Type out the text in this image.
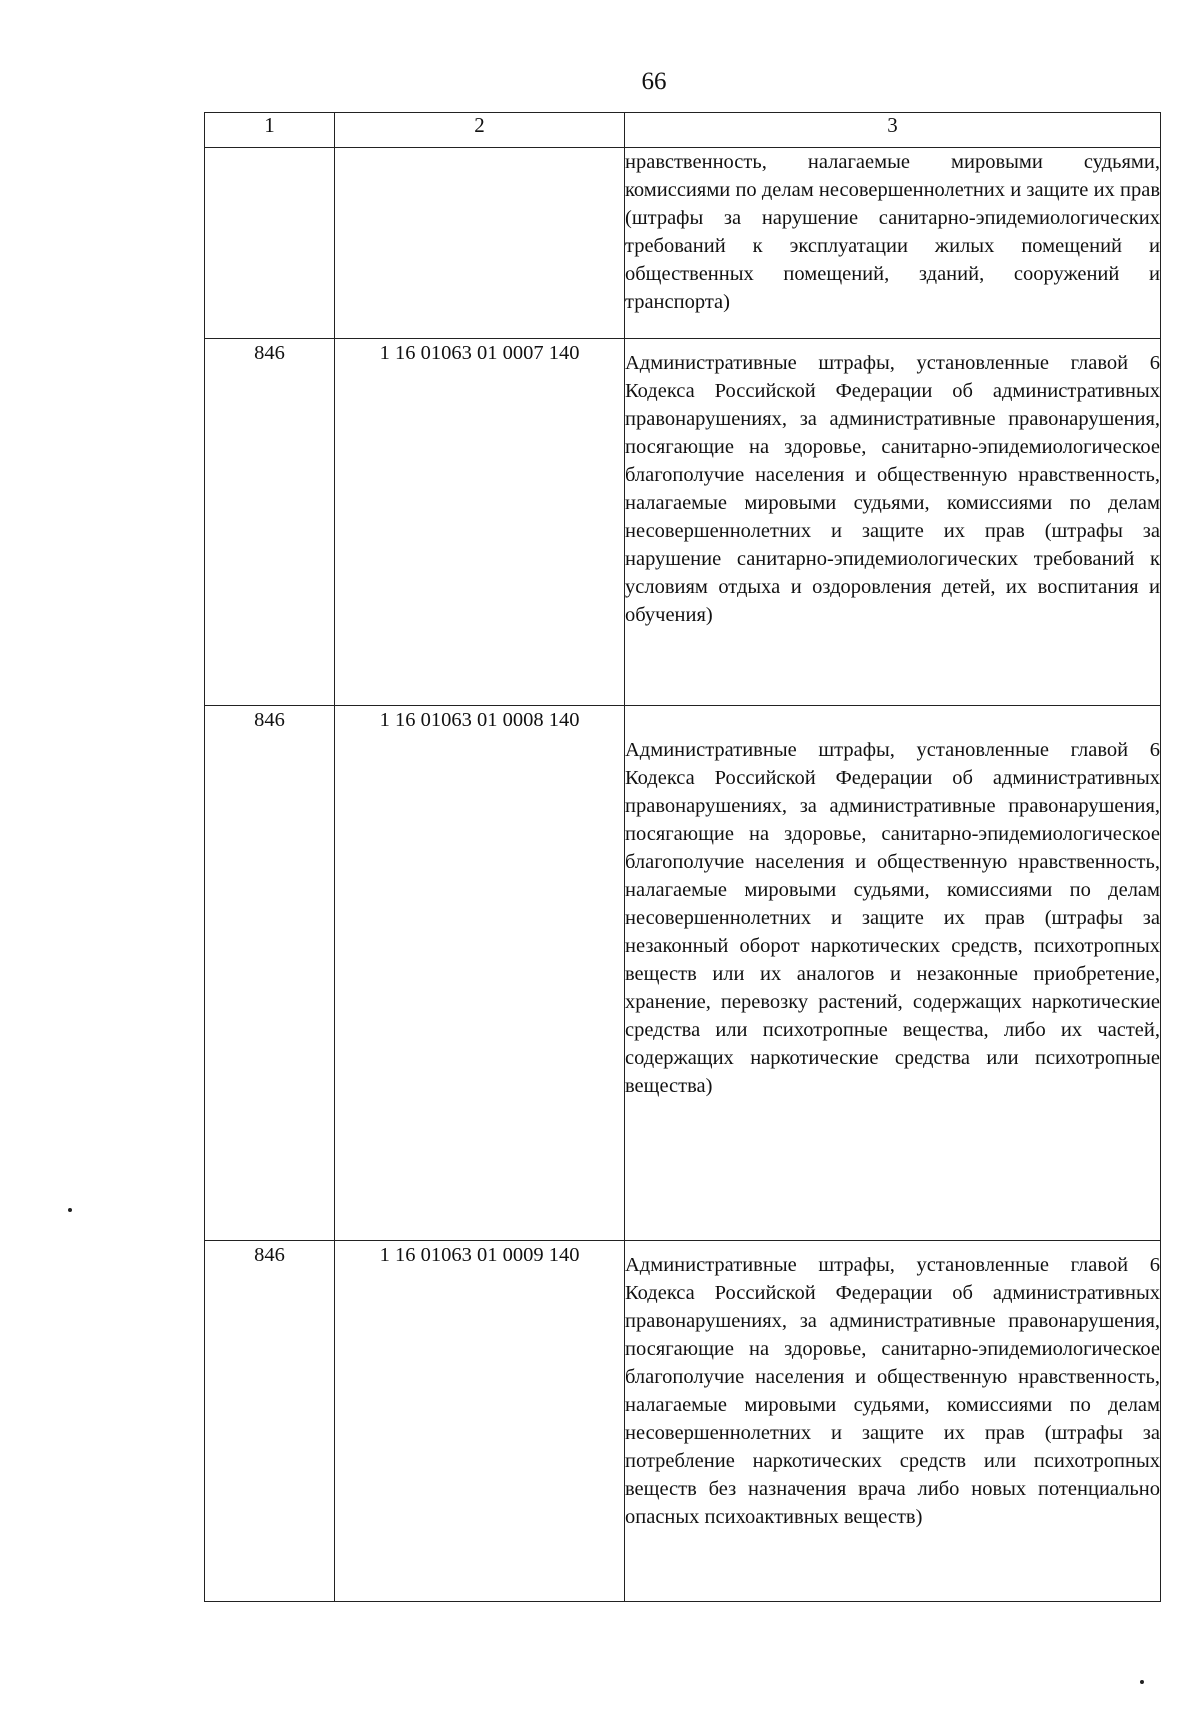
66
1	2	3
		нравственность, налагаемые мировыми судьями, комиссиями по делам несовершеннолетних и защите их прав (штрафы за нарушение санитарно-эпидемиологических требований к эксплуатации жилых помещений и общественных помещений, зданий, сооружений и транспорта)
846	1 16 01063 01 0007 140	Административные штрафы, установленные главой 6 Кодекса Российской Федерации об административных правонарушениях, за административные правонарушения, посягающие на здоровье, санитарно-эпидемиологическое благополучие населения и общественную нравственность, налагаемые мировыми судьями, комиссиями по делам несовершеннолетних и защите их прав (штрафы за нарушение санитарно-эпидемиологических требований к условиям отдыха и оздоровления детей, их воспитания и обучения)
846	1 16 01063 01 0008 140	Административные штрафы, установленные главой 6 Кодекса Российской Федерации об административных правонарушениях, за административные правонарушения, посягающие на здоровье, санитарно-эпидемиологическое благополучие населения и общественную нравственность, налагаемые мировыми судьями, комиссиями по делам несовершеннолетних и защите их прав (штрафы за незаконный оборот наркотических средств, психотропных веществ или их аналогов и незаконные приобретение, хранение, перевозку растений, содержащих наркотические средства или психотропные вещества, либо их частей, содержащих наркотические средства или психотропные вещества)
846	1 16 01063 01 0009 140	Административные штрафы, установленные главой 6 Кодекса Российской Федерации об административных правонарушениях, за административные правонарушения, посягающие на здоровье, санитарно-эпидемиологическое благополучие населения и общественную нравственность, налагаемые мировыми судьями, комиссиями по делам несовершеннолетних и защите их прав (штрафы за потребление наркотических средств или психотропных веществ без назначения врача либо новых потенциально опасных психоактивных веществ)
